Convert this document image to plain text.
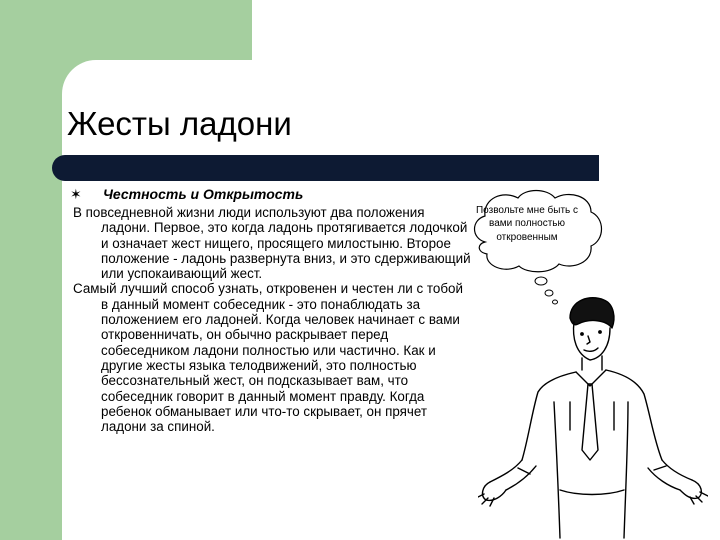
Жесты ладони
✶ Честность и Открытость

В повседневной жизни люди используют два положения ладони. Первое, это когда ладонь протягивается лодочкой и означает жест нищего, просящего милостыню. Второе положение - ладонь развернута вниз, и это сдерживающий или успокаивающий жест.

Самый лучший способ узнать, откровенен и честен ли с тобой в данный момент собеседник - это понаблюдать за положением его ладоней. Когда человек начинает с вами откровенничать, он обычно раскрывает перед собеседником ладони полностью или частично. Как и другие жесты языка телодвижений, это полностью бессознательный жест, он подсказывает вам, что собеседник говорит в данный момент правду. Когда ребенок обманывает или что-то скрывает, он прячет ладони за спиной.

Позвольте мне быть с вами полностью откровенным
